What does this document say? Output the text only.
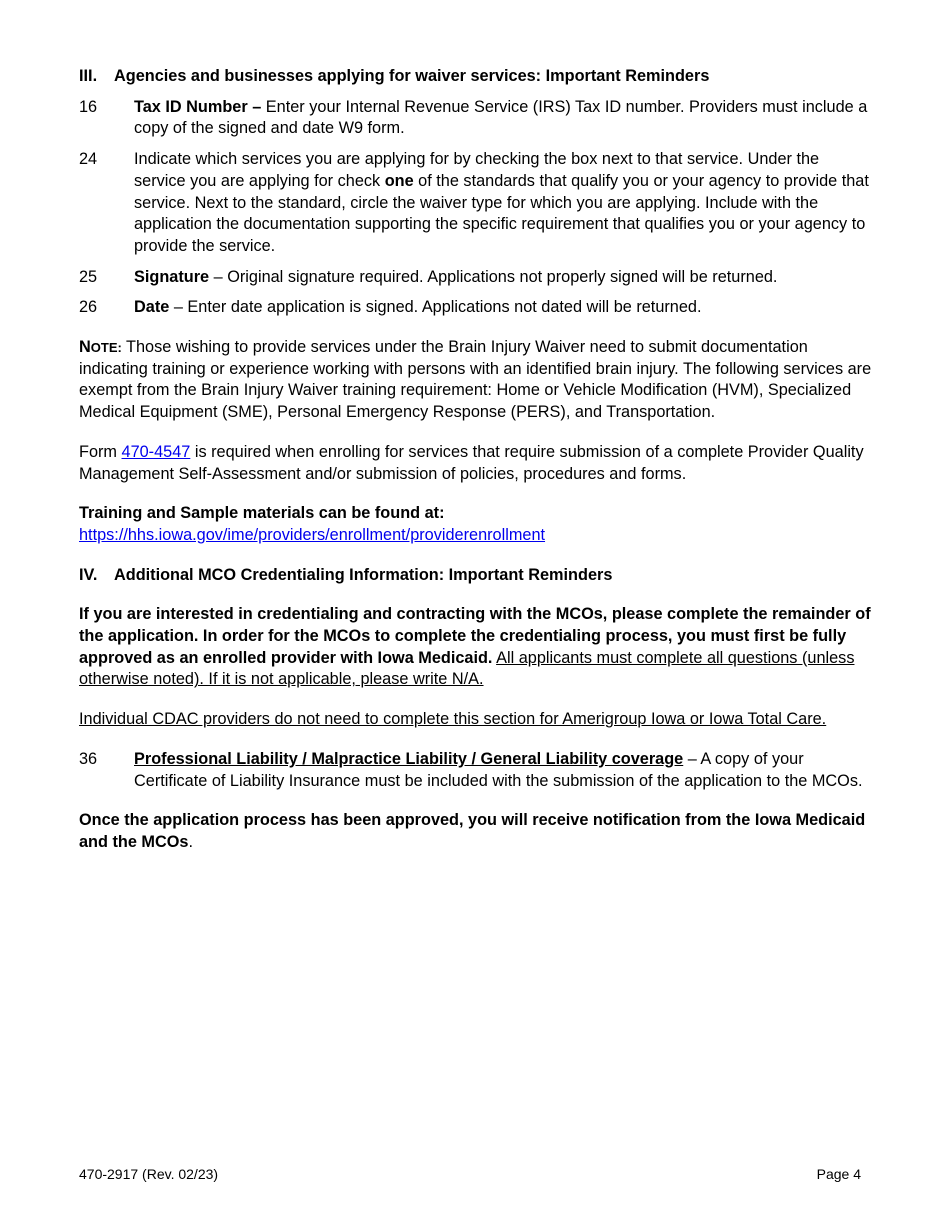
III. Agencies and businesses applying for waiver services: Important Reminders
16	Tax ID Number – Enter your Internal Revenue Service (IRS) Tax ID number. Providers must include a copy of the signed and date W9 form.
24	Indicate which services you are applying for by checking the box next to that service. Under the service you are applying for check one of the standards that qualify you or your agency to provide that service. Next to the standard, circle the waiver type for which you are applying. Include with the application the documentation supporting the specific requirement that qualifies you or your agency to provide the service.
25	Signature – Original signature required. Applications not properly signed will be returned.
26	Date – Enter date application is signed. Applications not dated will be returned.

NOTE: Those wishing to provide services under the Brain Injury Waiver need to submit documentation indicating training or experience working with persons with an identified brain injury. The following services are exempt from the Brain Injury Waiver training requirement: Home or Vehicle Modification (HVM), Specialized Medical Equipment (SME), Personal Emergency Response (PERS), and Transportation.

Form 470-4547 is required when enrolling for services that require submission of a complete Provider Quality Management Self-Assessment and/or submission of policies, procedures and forms.

Training and Sample materials can be found at:
https://hhs.iowa.gov/ime/providers/enrollment/providerenrollment

IV. Additional MCO Credentialing Information: Important Reminders

If you are interested in credentialing and contracting with the MCOs, please complete the remainder of the application. In order for the MCOs to complete the credentialing process, you must first be fully approved as an enrolled provider with Iowa Medicaid. All applicants must complete all questions (unless otherwise noted). If it is not applicable, please write N/A.

Individual CDAC providers do not need to complete this section for Amerigroup Iowa or Iowa Total Care.

36	Professional Liability / Malpractice Liability / General Liability coverage – A copy of your Certificate of Liability Insurance must be included with the submission of the application to the MCOs.

Once the application process has been approved, you will receive notification from the Iowa Medicaid and the MCOs.

470-2917 (Rev. 02/23)	Page 4
